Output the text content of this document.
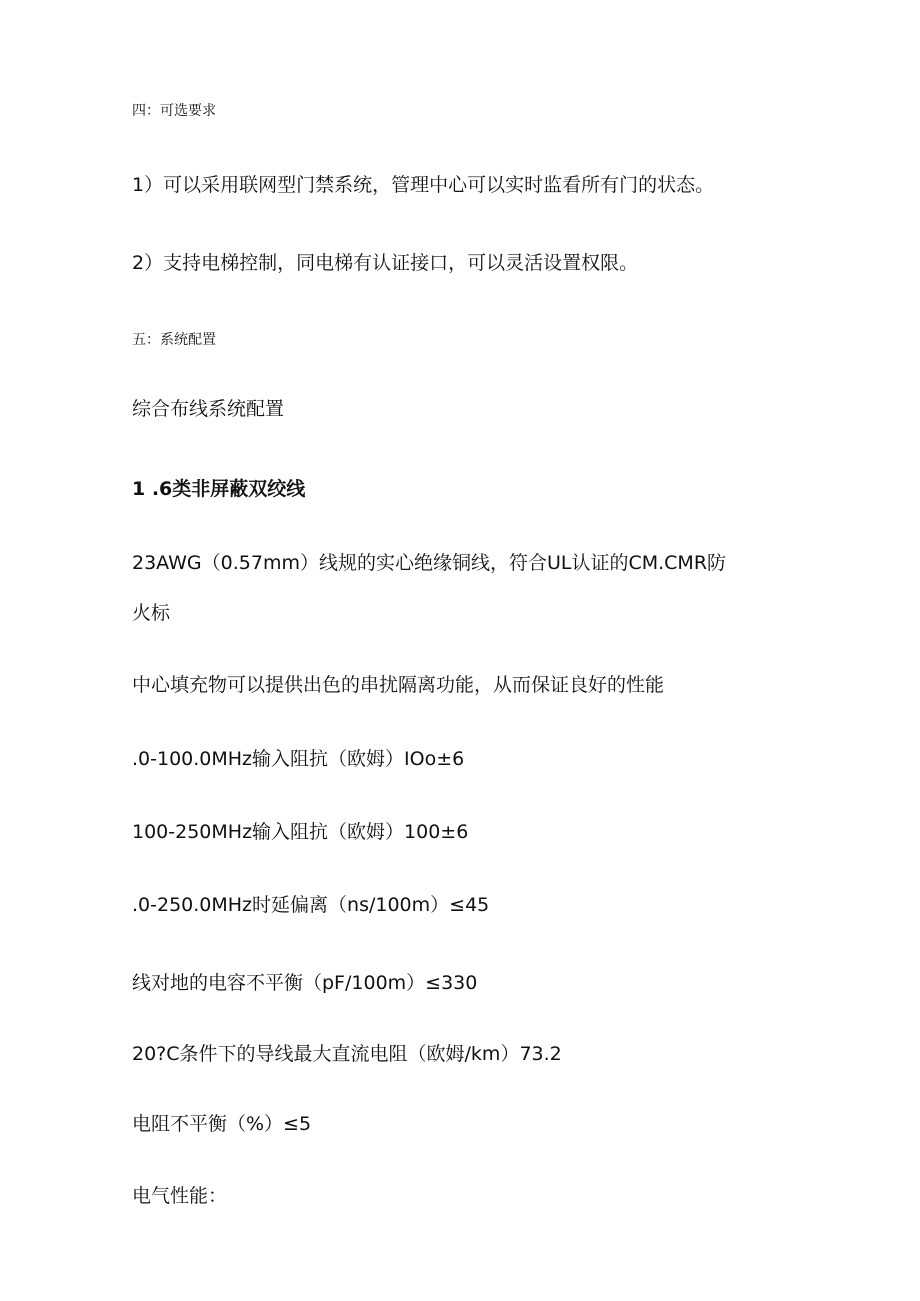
四：可选要求
1）可以采用联网型门禁系统，管理中心可以实时监看所有门的状态。
2）支持电梯控制，同电梯有认证接口，可以灵活设置权限。
五：系统配置
综合布线系统配置
1 .6类非屏蔽双绞线
23AWG（0.57mm）线规的实心绝缘铜线，符合UL认证的CM.CMR防
火标
中心填充物可以提供出色的串扰隔离功能，从而保证良好的性能
.0-100.0MHz输入阻抗（欧姆）IOo±6
100-250MHz输入阻抗（欧姆）100±6
.0-250.0MHz时延偏离（ns/100m）≤45
线对地的电容不平衡（pF/100m）≤330
20?C条件下的导线最大直流电阻（欧姆/km）73.2
电阻不平衡（%）≤5
电气性能：
